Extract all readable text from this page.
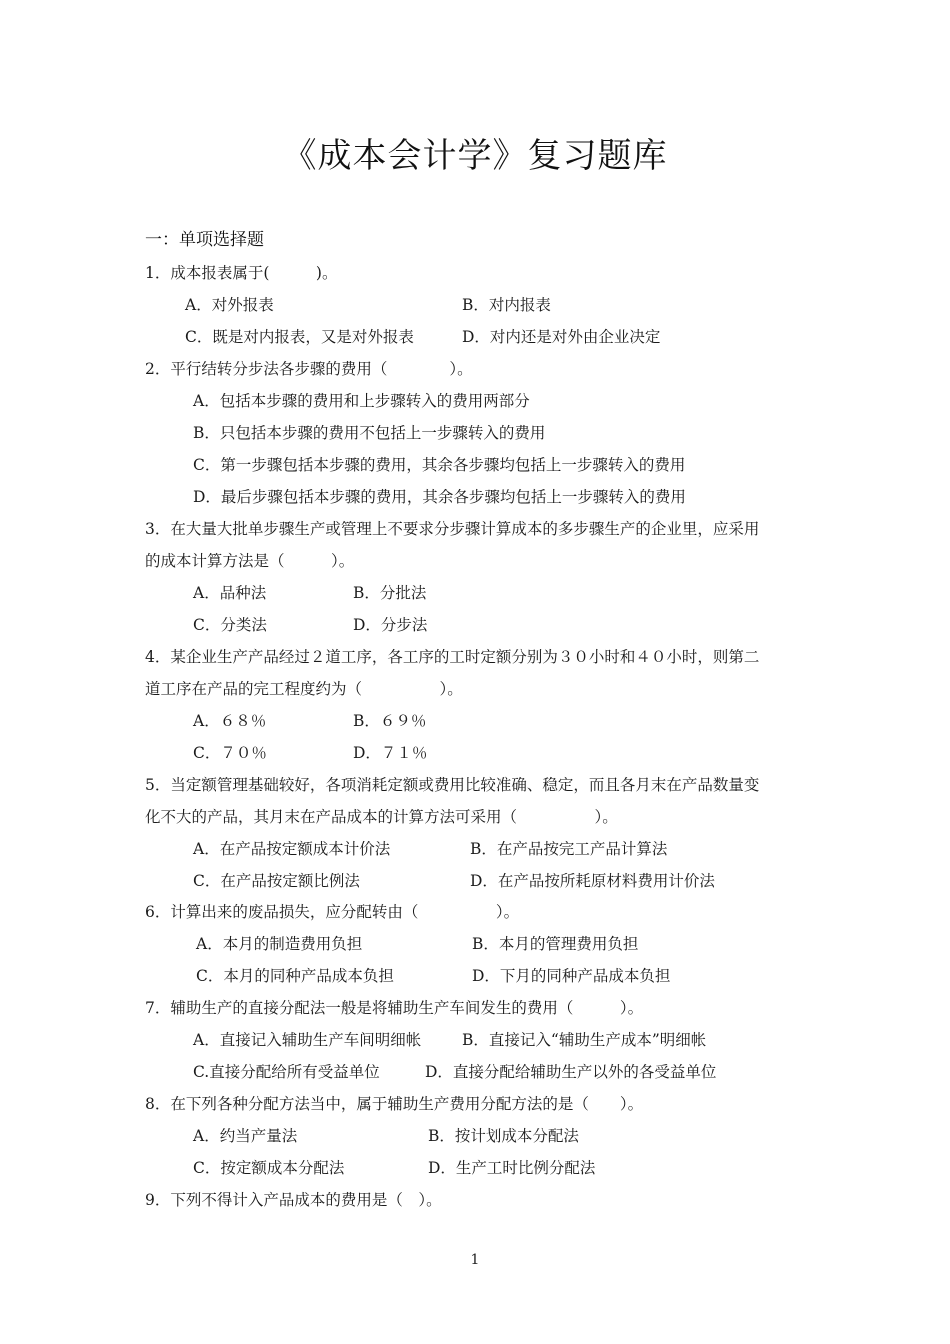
《成本会计学》复习题库
一：单项选择题
1．成本报表属于(　　　)。
A．对外报表	B．对内报表
C．既是对内报表，又是对外报表	D．对内还是对外由企业决定
2．平行结转分步法各步骤的费用（　　　　）。
A．包括本步骤的费用和上步骤转入的费用两部分
B．只包括本步骤的费用不包括上一步骤转入的费用
C．第一步骤包括本步骤的费用，其余各步骤均包括上一步骤转入的费用
D．最后步骤包括本步骤的费用，其余各步骤均包括上一步骤转入的费用
3．在大量大批单步骤生产或管理上不要求分步骤计算成本的多步骤生产的企业里，应采用
的成本计算方法是（　　　）。
A．品种法	B．分批法
C．分类法	D．分步法
4．某企业生产产品经过２道工序，各工序的工时定额分别为３０小时和４０小时，则第二
道工序在产品的完工程度约为（　　　　　）。
A．６８％	B．６９％
C．７０％	D．７１％
5．当定额管理基础较好，各项消耗定额或费用比较准确、稳定，而且各月末在产品数量变
化不大的产品，其月末在产品成本的计算方法可采用（　　　　　）。
A．在产品按定额成本计价法	B．在产品按完工产品计算法
C．在产品按定额比例法	D．在产品按所耗原材料费用计价法
6．计算出来的废品损失，应分配转由（　　　　　）。
A．本月的制造费用负担	B．本月的管理费用负担
C．本月的同种产品成本负担	D．下月的同种产品成本负担
7．辅助生产的直接分配法一般是将辅助生产车间发生的费用（　　　）。
A．直接记入辅助生产车间明细帐	B．直接记入“辅助生产成本”明细帐
C.直接分配给所有受益单位	D．直接分配给辅助生产以外的各受益单位
8．在下列各种分配方法当中，属于辅助生产费用分配方法的是（　　）。
A．约当产量法	B．按计划成本分配法
C．按定额成本分配法	D．生产工时比例分配法
9．下列不得计入产品成本的费用是（　）。
1
